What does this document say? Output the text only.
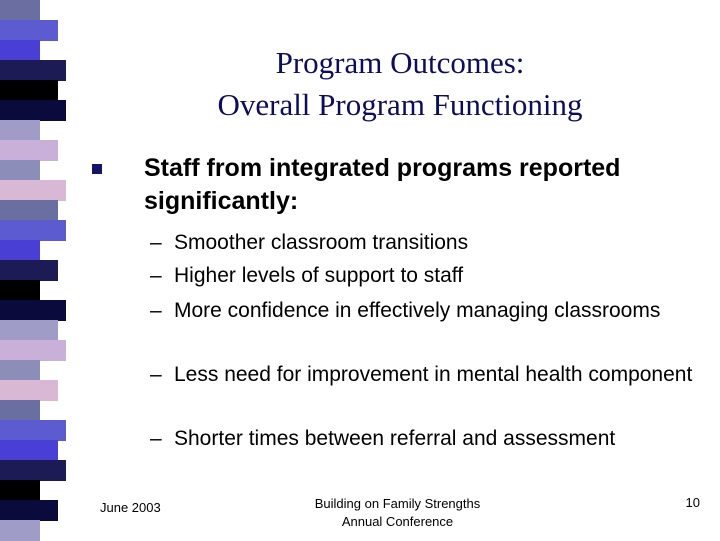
Program Outcomes:
Overall Program Functioning
Staff from integrated programs reported significantly:
– Smoother classroom transitions
– Higher levels of support to staff
– More confidence in effectively managing classrooms
– Less need for improvement in mental health component
– Shorter times between referral and assessment
June 2003	Building on Family Strengths
Annual Conference
10
